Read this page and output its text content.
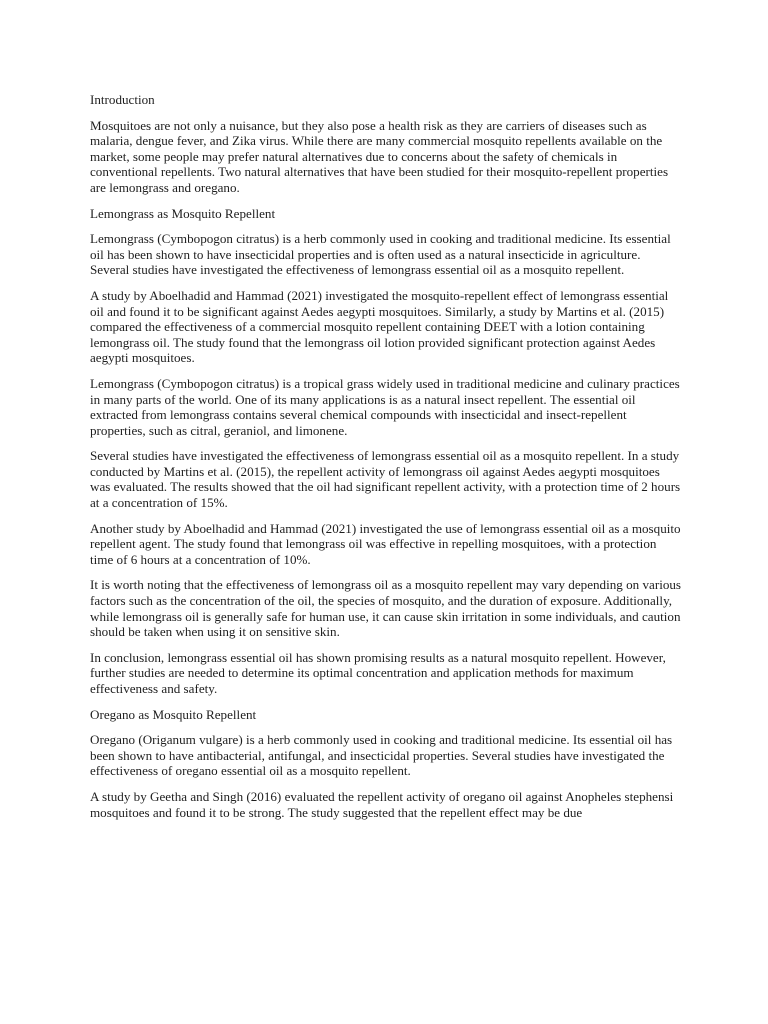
Introduction

Mosquitoes are not only a nuisance, but they also pose a health risk as they are carriers of diseases such as malaria, dengue fever, and Zika virus. While there are many commercial mosquito repellents available on the market, some people may prefer natural alternatives due to concerns about the safety of chemicals in conventional repellents. Two natural alternatives that have been studied for their mosquito-repellent properties are lemongrass and oregano.

Lemongrass as Mosquito Repellent

Lemongrass (Cymbopogon citratus) is a herb commonly used in cooking and traditional medicine. Its essential oil has been shown to have insecticidal properties and is often used as a natural insecticide in agriculture. Several studies have investigated the effectiveness of lemongrass essential oil as a mosquito repellent.

A study by Aboelhadid and Hammad (2021) investigated the mosquito-repellent effect of lemongrass essential oil and found it to be significant against Aedes aegypti mosquitoes. Similarly, a study by Martins et al. (2015) compared the effectiveness of a commercial mosquito repellent containing DEET with a lotion containing lemongrass oil. The study found that the lemongrass oil lotion provided significant protection against Aedes aegypti mosquitoes.

Lemongrass (Cymbopogon citratus) is a tropical grass widely used in traditional medicine and culinary practices in many parts of the world. One of its many applications is as a natural insect repellent. The essential oil extracted from lemongrass contains several chemical compounds with insecticidal and insect-repellent properties, such as citral, geraniol, and limonene.

Several studies have investigated the effectiveness of lemongrass essential oil as a mosquito repellent. In a study conducted by Martins et al. (2015), the repellent activity of lemongrass oil against Aedes aegypti mosquitoes was evaluated. The results showed that the oil had significant repellent activity, with a protection time of 2 hours at a concentration of 15%.

Another study by Aboelhadid and Hammad (2021) investigated the use of lemongrass essential oil as a mosquito repellent agent. The study found that lemongrass oil was effective in repelling mosquitoes, with a protection time of 6 hours at a concentration of 10%.

It is worth noting that the effectiveness of lemongrass oil as a mosquito repellent may vary depending on various factors such as the concentration of the oil, the species of mosquito, and the duration of exposure. Additionally, while lemongrass oil is generally safe for human use, it can cause skin irritation in some individuals, and caution should be taken when using it on sensitive skin.

In conclusion, lemongrass essential oil has shown promising results as a natural mosquito repellent. However, further studies are needed to determine its optimal concentration and application methods for maximum effectiveness and safety.

Oregano as Mosquito Repellent

Oregano (Origanum vulgare) is a herb commonly used in cooking and traditional medicine. Its essential oil has been shown to have antibacterial, antifungal, and insecticidal properties. Several studies have investigated the effectiveness of oregano essential oil as a mosquito repellent.

A study by Geetha and Singh (2016) evaluated the repellent activity of oregano oil against Anopheles stephensi mosquitoes and found it to be strong. The study suggested that the repellent effect may be due
